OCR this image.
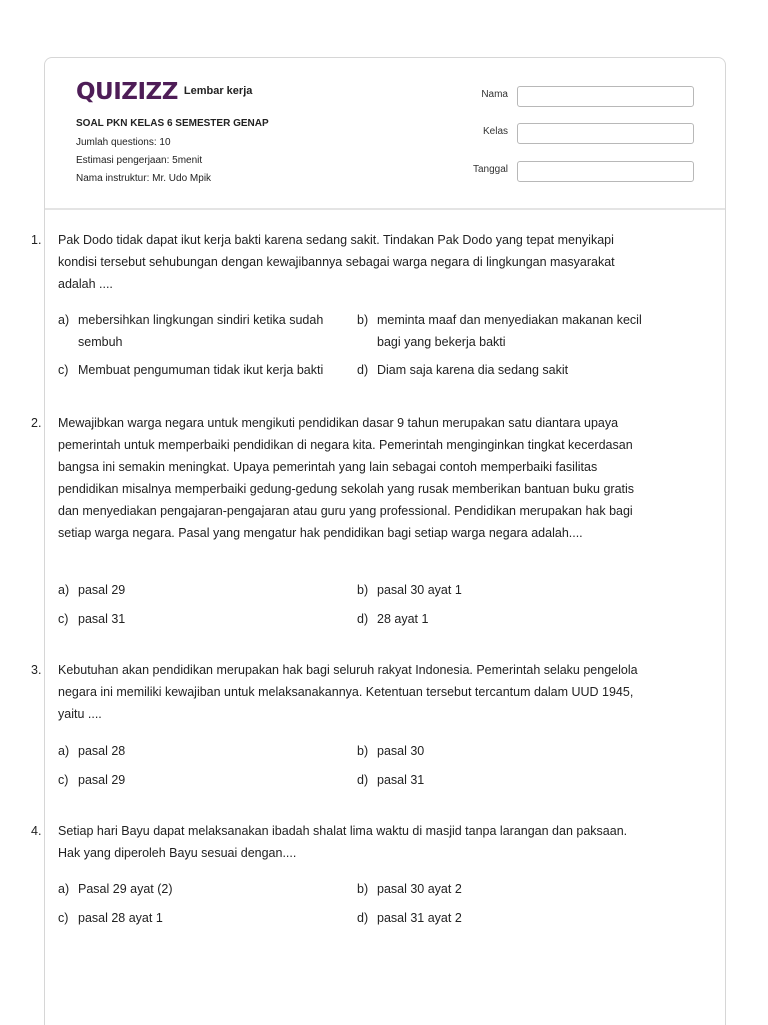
QUIZIZZ Lembar kerja
SOAL PKN KELAS 6 SEMESTER GENAP
Jumlah questions: 10
Estimasi pengerjaan: 5menit
Nama instruktur: Mr. Udo Mpik
Nama
Kelas
Tanggal
1.	Pak Dodo tidak dapat ikut kerja bakti karena sedang sakit. Tindakan Pak Dodo yang tepat menyikapi kondisi tersebut sehubungan dengan kewajibannya sebagai warga negara di lingkungan masyarakat adalah ....
a) mebersihkan lingkungan sindiri ketika sudah sembuh
b) meminta maaf dan menyediakan makanan kecil bagi yang bekerja bakti
c) Membuat pengumuman tidak ikut kerja bakti	d) Diam saja karena dia sedang sakit
2.	Mewajibkan warga negara untuk mengikuti pendidikan dasar 9 tahun merupakan satu diantara upaya pemerintah untuk memperbaiki pendidikan di negara kita. Pemerintah menginginkan tingkat kecerdasan bangsa ini semakin meningkat. Upaya pemerintah yang lain sebagai contoh memperbaiki fasilitas pendidikan misalnya memperbaiki gedung-gedung sekolah yang rusak memberikan bantuan buku gratis dan menyediakan pengajaran-pengajaran atau guru yang professional. Pendidikan merupakan hak bagi setiap warga negara. Pasal yang mengatur hak pendidikan bagi setiap warga negara adalah....
a) pasal 29	b) pasal 30 ayat 1
c) pasal 31	d) 28 ayat 1
3.	Kebutuhan akan pendidikan merupakan hak bagi seluruh rakyat Indonesia. Pemerintah selaku pengelola negara ini memiliki kewajiban untuk melaksanakannya. Ketentuan tersebut tercantum dalam UUD 1945, yaitu ....
a) pasal 28	b) pasal 30
c) pasal 29	d) pasal 31
4.	Setiap hari Bayu dapat melaksanakan ibadah shalat lima waktu di masjid tanpa larangan dan paksaan. Hak yang diperoleh Bayu sesuai dengan....
a) Pasal 29 ayat (2)	b) pasal 30 ayat 2
c) pasal 28 ayat 1	d) pasal 31 ayat 2
